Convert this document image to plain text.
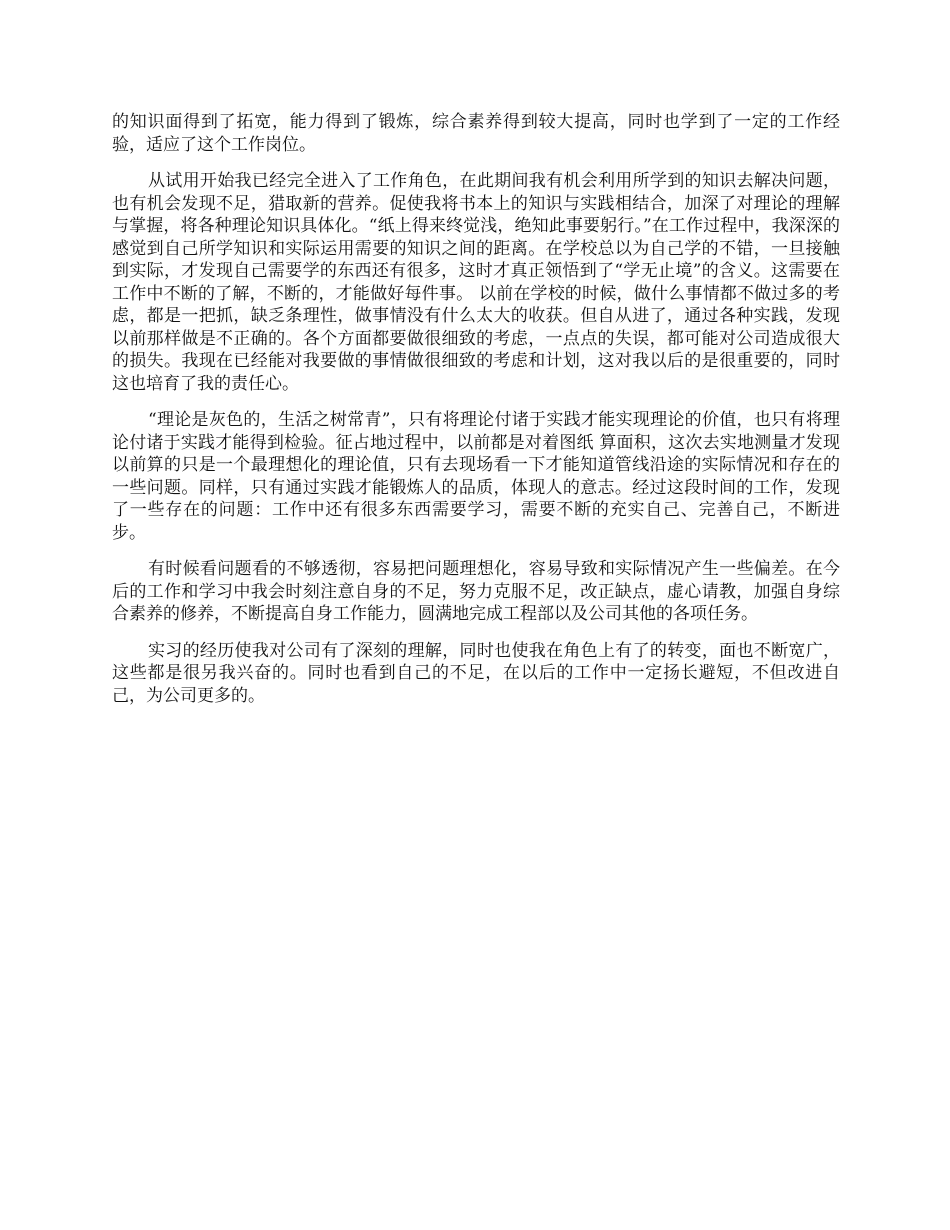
的知识面得到了拓宽，能力得到了锻炼，综合素养得到较大提高，同时也学到了一定的工作经验，适应了这个工作岗位。

从试用开始我已经完全进入了工作角色，在此期间我有机会利用所学到的知识去解决问题，也有机会发现不足，猎取新的营养。促使我将书本上的知识与实践相结合，加深了对理论的理解与掌握，将各种理论知识具体化。“纸上得来终觉浅，绝知此事要躬行。”在工作过程中，我深深的感觉到自己所学知识和实际运用需要的知识之间的距离。在学校总以为自己学的不错，一旦接触到实际，才发现自己需要学的东西还有很多，这时才真正领悟到了“学无止境”的含义。这需要在工作中不断的了解，不断的，才能做好每件事。 以前在学校的时候，做什么事情都不做过多的考虑，都是一把抓，缺乏条理性，做事情没有什么太大的收获。但自从进了，通过各种实践，发现以前那样做是不正确的。各个方面都要做很细致的考虑，一点点的失误，都可能对公司造成很大的损失。我现在已经能对我要做的事情做很细致的考虑和计划，这对我以后的是很重要的，同时这也培育了我的责任心。

“理论是灰色的，生活之树常青”，只有将理论付诸于实践才能实现理论的价值，也只有将理论付诸于实践才能得到检验。征占地过程中，以前都是对着图纸 算面积，这次去实地测量才发现以前算的只是一个最理想化的理论值，只有去现场看一下才能知道管线沿途的实际情况和存在的一些问题。同样，只有通过实践才能锻炼人的品质，体现人的意志。经过这段时间的工作，发现了一些存在的问题：工作中还有很多东西需要学习，需要不断的充实自己、完善自己，不断进步。

有时候看问题看的不够透彻，容易把问题理想化，容易导致和实际情况产生一些偏差。在今后的工作和学习中我会时刻注意自身的不足，努力克服不足，改正缺点，虚心请教，加强自身综合素养的修养，不断提高自身工作能力，圆满地完成工程部以及公司其他的各项任务。

实习的经历使我对公司有了深刻的理解，同时也使我在角色上有了的转变，面也不断宽广，这些都是很另我兴奋的。同时也看到自己的不足，在以后的工作中一定扬长避短，不但改进自己，为公司更多的。
